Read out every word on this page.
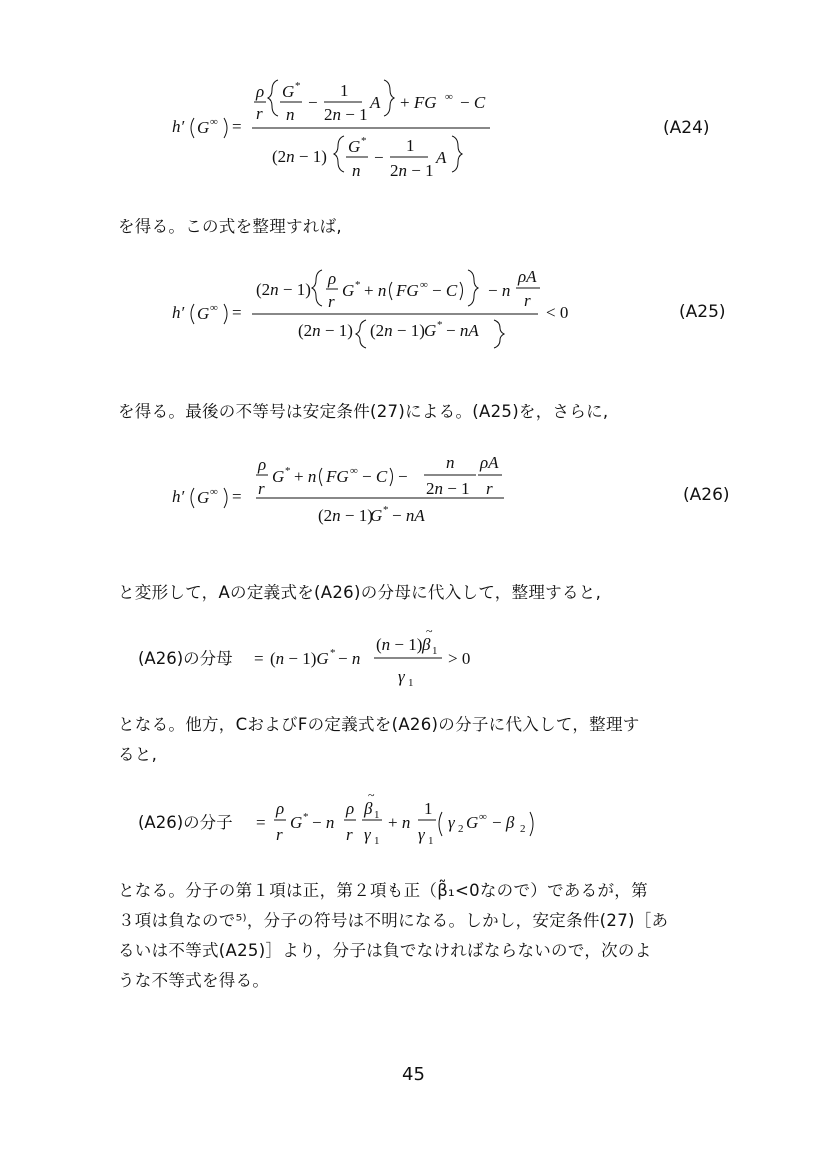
h′ G ∞ =
ρ
r
G *
n
−
1
2n − 1
A + FG ∞ − C
(2n − 1)
G *
n
−
1
2n − 1
A
(A24)
を得る。この式を整理すれば,
h′ G ∞ =
(2n − 1)
ρ
r
G * + n FG ∞ − C − n
ρA
r
(2n − 1) (2n − 1) G * − nA
< 0	(A25)
を得る。最後の不等号は安定条件(27)による。(A25)を，さらに,
h′ G ∞ =
ρ
r
G * + n FG ∞ − C −
n
2n − 1
ρA
r
(2n − 1)
G * − nA
(A26)
と変形して，Aの定義式を(A26)の分母に代入して，整理すると,
(A26)の分母 = (n − 1)G * − n
(n − 1) β
~
1
γ 1
> 0
となる。他方，CおよびFの定義式を(A26)の分子に代入して，整理す
ると,
(A26)の分子 =
ρ
r
G * − n
ρ
r
β
~
1
γ 1
+ n
1
γ 1
γ 2 G ∞ − β 2
となる。分子の第１項は正，第２項も正（β̃₁<0なので）であるが，第
３項は負なので⁵⁾，分子の符号は不明になる。しかし，安定条件(27)［あ
るいは不等式(A25)］より，分子は負でなければならないので，次のよ
うな不等式を得る。
45
